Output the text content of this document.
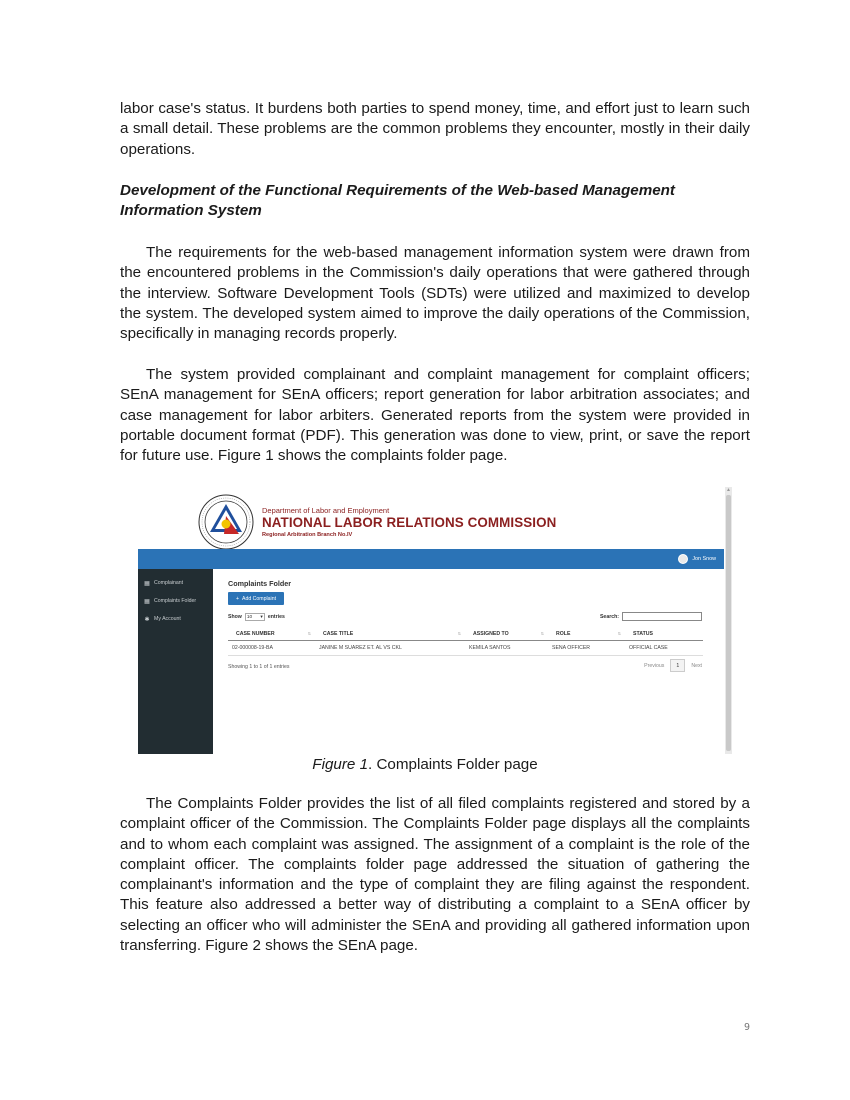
labor case's status. It burdens both parties to spend money, time, and effort just to learn such a small detail. These problems are the common problems they encounter, mostly in their daily operations.

Development of the Functional Requirements of the Web-based Management Information System

The requirements for the web-based management information system were drawn from the encountered problems in the Commission's daily operations that were gathered through the interview. Software Development Tools (SDTs) were utilized and maximized to develop the system. The developed system aimed to improve the daily operations of the Commission, specifically in managing records properly.

The system provided complainant and complaint management for complaint officers; SEnA management for SEnA officers; report generation for labor arbitration associates; and case management for labor arbiters. Generated reports from the system were provided in portable document format (PDF). This generation was done to view, print, or save the report for future use. Figure 1 shows the complaints folder page.

Department of Labor and Employment
NATIONAL LABOR RELATIONS COMMISSION
Regional Arbitration Branch No.IV
▲
Jon Snow
▦ Complainant
▦ Complaints Folder
✱ My Account
Complaints Folder
+ Add Complaint
Show 10 ▾ entries	Search:
CASE NUMBER ⇅	CASE TITLE ⇅	ASSIGNED TO ⇅	ROLE ⇅	STATUS
02-000008-19-BA	JANINE M SUAREZ ET. AL VS CKL	KEMILA SANTOS	SENA OFFICER	OFFICIAL CASE
Showing 1 to 1 of 1 entries	Previous	1	Next
Figure 1. Complaints Folder page

The Complaints Folder provides the list of all filed complaints registered and stored by a complaint officer of the Commission. The Complaints Folder page displays all the complaints and to whom each complaint was assigned. The assignment of a complaint is the role of the complaint officer. The complaints folder page addressed the situation of gathering the complainant's information and the type of complaint they are filing against the respondent. This feature also addressed a better way of distributing a complaint to a SEnA officer by selecting an officer who will administer the SEnA and providing all gathered information upon transferring. Figure 2 shows the SEnA page.

9
